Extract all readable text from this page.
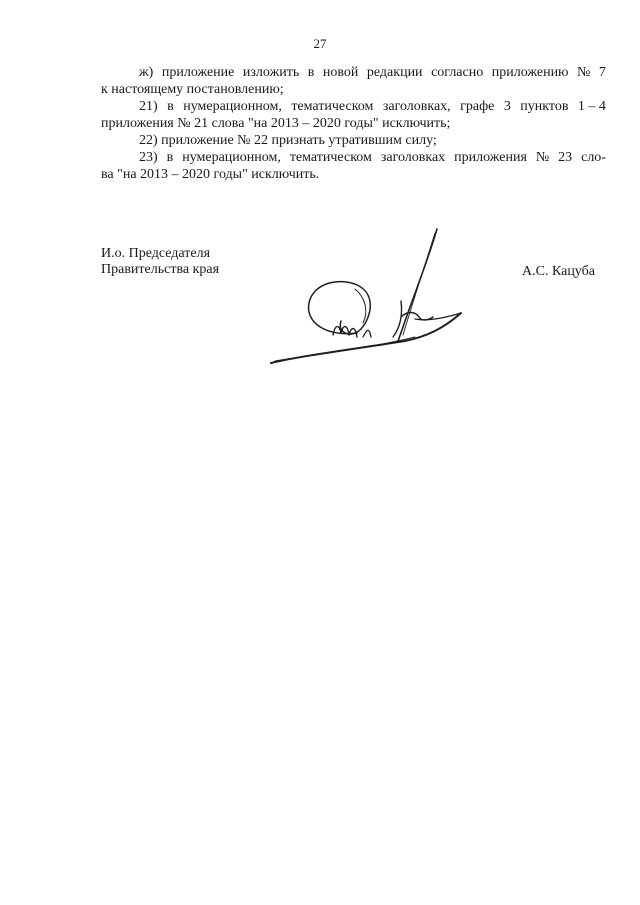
27
ж) приложение изложить в новой редакции согласно приложению № 7
к настоящему постановлению;
21) в нумерационном, тематическом заголовках, графе 3 пунктов 1 – 4
приложения № 21 слова "на 2013 – 2020 годы" исключить;
22) приложение № 22 признать утратившим силу;
23) в нумерационном, тематическом заголовках приложения № 23 сло-
ва "на 2013 – 2020 годы" исключить.
И.о. Председателя
Правительства края	А.С. Кацуба
